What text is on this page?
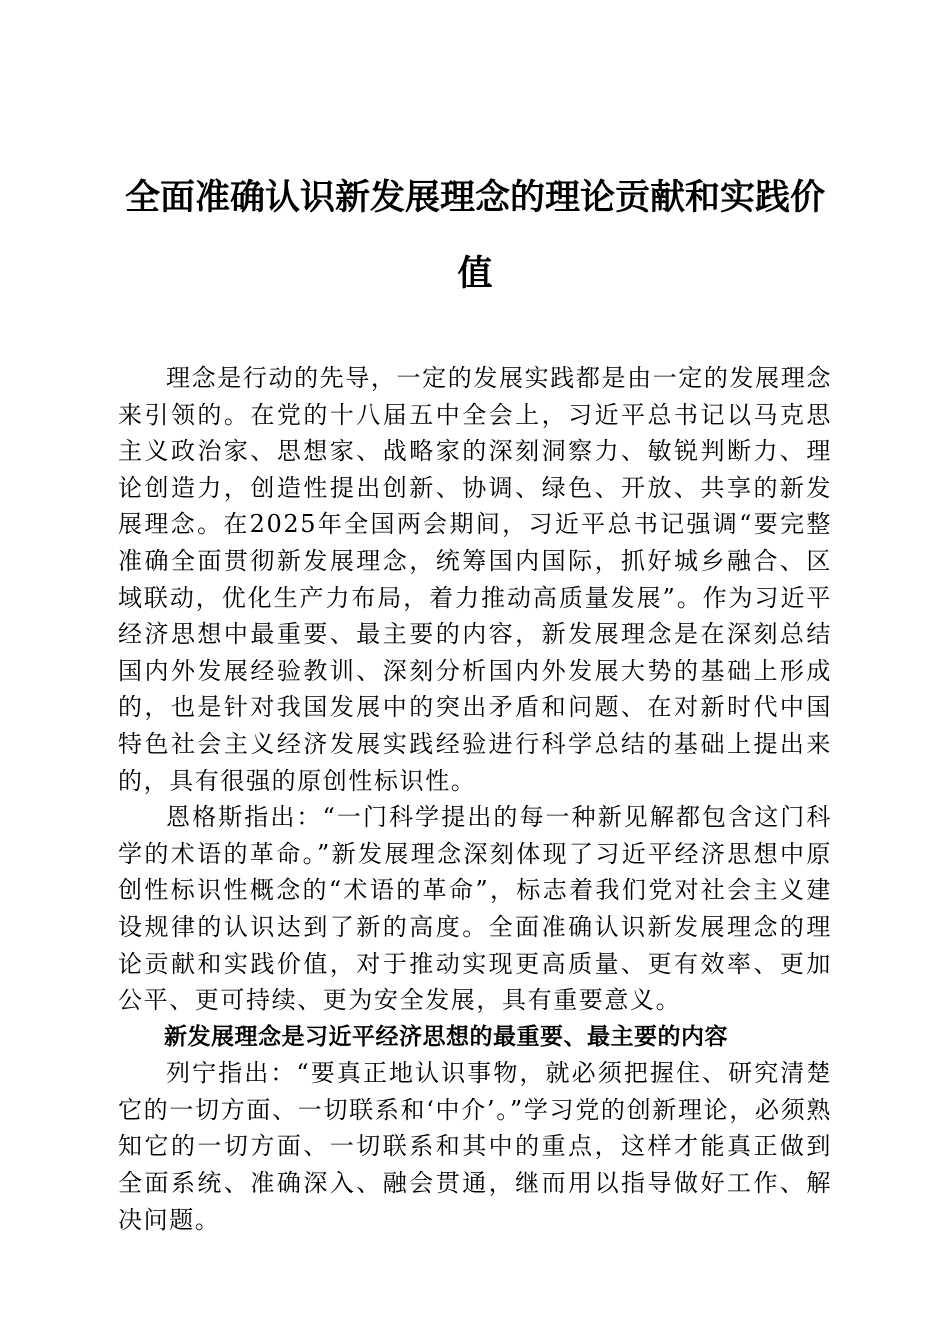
全面准确认识新发展理念的理论贡献和实践价值

理念是行动的先导，一定的发展实践都是由一定的发展理念来引领的。在党的十八届五中全会上，习近平总书记以马克思主义政治家、思想家、战略家的深刻洞察力、敏锐判断力、理论创造力，创造性提出创新、协调、绿色、开放、共享的新发展理念。在2025年全国两会期间，习近平总书记强调“要完整准确全面贯彻新发展理念，统筹国内国际，抓好城乡融合、区域联动，优化生产力布局，着力推动高质量发展”。作为习近平经济思想中最重要、最主要的内容，新发展理念是在深刻总结国内外发展经验教训、深刻分析国内外发展大势的基础上形成的，也是针对我国发展中的突出矛盾和问题、在对新时代中国特色社会主义经济发展实践经验进行科学总结的基础上提出来的，具有很强的原创性标识性。

恩格斯指出：“一门科学提出的每一种新见解都包含这门科学的术语的革命。”新发展理念深刻体现了习近平经济思想中原创性标识性概念的“术语的革命”，标志着我们党对社会主义建设规律的认识达到了新的高度。全面准确认识新发展理念的理论贡献和实践价值，对于推动实现更高质量、更有效率、更加公平、更可持续、更为安全发展，具有重要意义。

新发展理念是习近平经济思想的最重要、最主要的内容

列宁指出：“要真正地认识事物，就必须把握住、研究清楚它的一切方面、一切联系和‘中介’。”学习党的创新理论，必须熟知它的一切方面、一切联系和其中的重点，这样才能真正做到全面系统、准确深入、融会贯通，继而用以指导做好工作、解决问题。
